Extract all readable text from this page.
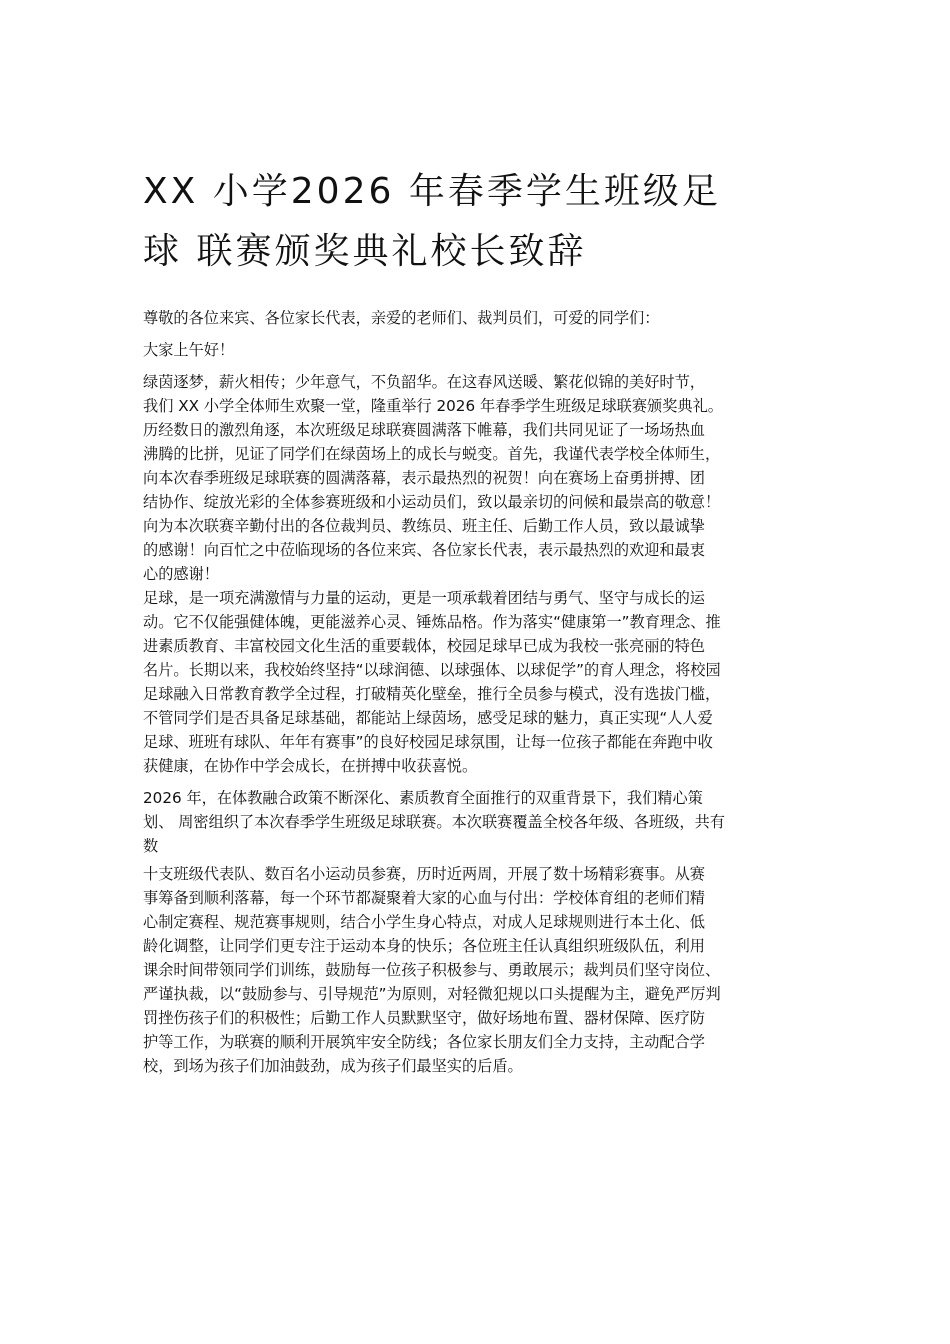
XX 小学2026 年春季学生班级足
球 联赛颁奖典礼校长致辞
尊敬的各位来宾、各位家长代表，亲爱的老师们、裁判员们，可爱的同学们：
大家上午好！
绿茵逐梦，薪火相传；少年意气，不负韶华。在这春风送暖、繁花似锦的美好时节，
我们 XX 小学全体师生欢聚一堂，隆重举行 2026 年春季学生班级足球联赛颁奖典礼。
历经数日的激烈角逐，本次班级足球联赛圆满落下帷幕，我们共同见证了一场场热血
沸腾的比拼，见证了同学们在绿茵场上的成长与蜕变。首先，我谨代表学校全体师生，
向本次春季班级足球联赛的圆满落幕，表示最热烈的祝贺！向在赛场上奋勇拼搏、团
结协作、绽放光彩的全体参赛班级和小运动员们，致以最亲切的问候和最崇高的敬意！
向为本次联赛辛勤付出的各位裁判员、教练员、班主任、后勤工作人员，致以最诚挚
的感谢！向百忙之中莅临现场的各位来宾、各位家长代表，表示最热烈的欢迎和最衷
心的感谢！
足球，是一项充满激情与力量的运动，更是一项承载着团结与勇气、坚守与成长的运
动。它不仅能强健体魄，更能滋养心灵、锤炼品格。作为落实“健康第一”教育理念、推
进素质教育、丰富校园文化生活的重要载体，校园足球早已成为我校一张亮丽的特色
名片。长期以来，我校始终坚持“以球润德、以球强体、以球促学”的育人理念，将校园
足球融入日常教育教学全过程，打破精英化壁垒，推行全员参与模式，没有选拔门槛，
不管同学们是否具备足球基础，都能站上绿茵场，感受足球的魅力，真正实现“人人爱
足球、班班有球队、年年有赛事”的良好校园足球氛围，让每一位孩子都能在奔跑中收
获健康，在协作中学会成长，在拼搏中收获喜悦。
2026 年，在体教融合政策不断深化、素质教育全面推行的双重背景下，我们精心策
划、 周密组织了本次春季学生班级足球联赛。本次联赛覆盖全校各年级、各班级，共有
数
十支班级代表队、数百名小运动员参赛，历时近两周，开展了数十场精彩赛事。从赛
事筹备到顺利落幕，每一个环节都凝聚着大家的心血与付出：学校体育组的老师们精
心制定赛程、规范赛事规则，结合小学生身心特点，对成人足球规则进行本土化、低
龄化调整，让同学们更专注于运动本身的快乐；各位班主任认真组织班级队伍，利用
课余时间带领同学们训练，鼓励每一位孩子积极参与、勇敢展示；裁判员们坚守岗位、
严谨执裁，以“鼓励参与、引导规范”为原则，对轻微犯规以口头提醒为主，避免严厉判
罚挫伤孩子们的积极性；后勤工作人员默默坚守，做好场地布置、器材保障、医疗防
护等工作，为联赛的顺利开展筑牢安全防线；各位家长朋友们全力支持，主动配合学
校，到场为孩子们加油鼓劲，成为孩子们最坚实的后盾。
